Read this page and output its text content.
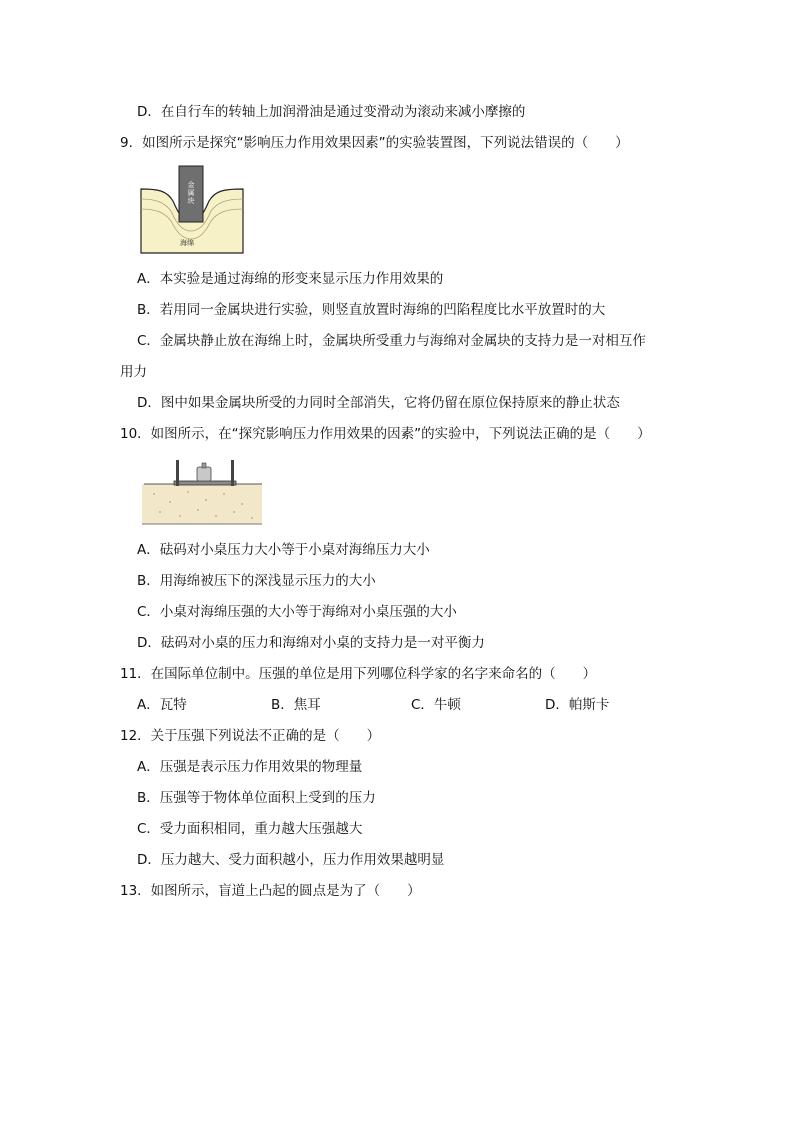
D．在自行车的转轴上加润滑油是通过变滑动为滚动来减小摩擦的
9．如图所示是探究“影响压力作用效果因素”的实验装置图，下列说法错误的（　　）
金属块
海绵
A．本实验是通过海绵的形变来显示压力作用效果的
B．若用同一金属块进行实验，则竖直放置时海绵的凹陷程度比水平放置时的大
C．金属块静止放在海绵上时，金属块所受重力与海绵对金属块的支持力是一对相互作
用力
D．图中如果金属块所受的力同时全部消失，它将仍留在原位保持原来的静止状态
10．如图所示，在“探究影响压力作用效果的因素”的实验中，下列说法正确的是（　　）
A．砝码对小桌压力大小等于小桌对海绵压力大小
B．用海绵被压下的深浅显示压力的大小
C．小桌对海绵压强的大小等于海绵对小桌压强的大小
D．砝码对小桌的压力和海绵对小桌的支持力是一对平衡力
11．在国际单位制中。压强的单位是用下列哪位科学家的名字来命名的（　　）
A．瓦特	B．焦耳	C．牛顿	D．帕斯卡
12．关于压强下列说法不正确的是（　　）
A．压强是表示压力作用效果的物理量
B．压强等于物体单位面积上受到的压力
C．受力面积相同，重力越大压强越大
D．压力越大、受力面积越小，压力作用效果越明显
13．如图所示，盲道上凸起的圆点是为了（　　）
